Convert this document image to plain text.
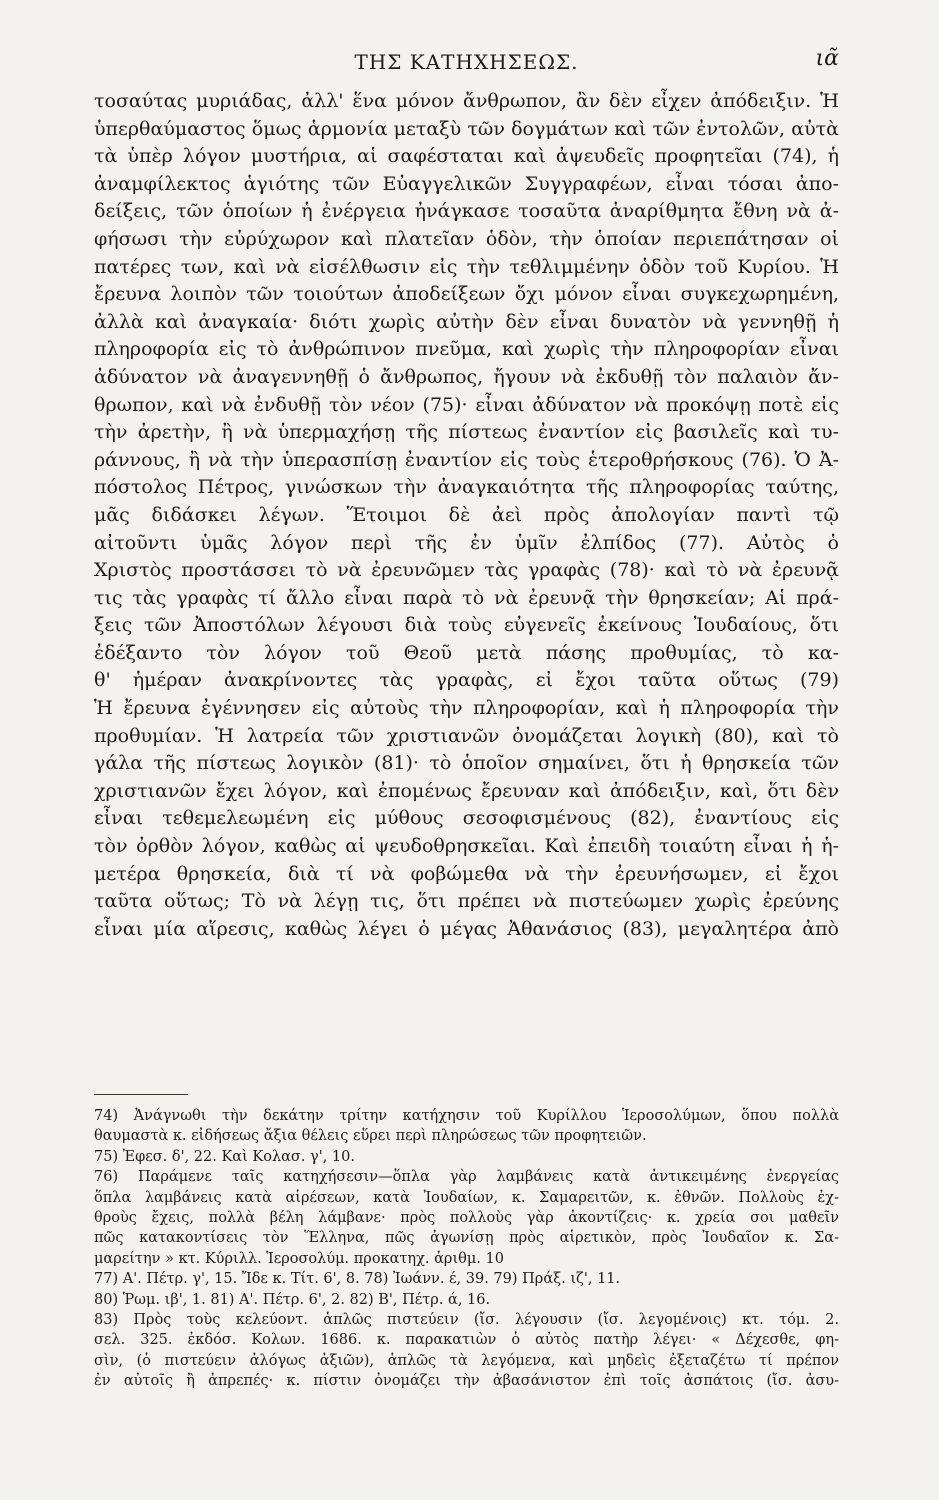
ΤΗΣ ΚΑΤΗΧΗΣΕΩΣ.	ιᾶ
τοσαύτας μυριάδας, ἀλλ' ἕνα μόνον ἄνθρωπον, ἂν δὲν εἶχεν ἀπόδειξιν. Ἡ
ὑπερθαύμαστος ὅμως ἁρμονία μεταξὺ τῶν δογμάτων καὶ τῶν ἐντολῶν, αὐτὰ
τὰ ὑπὲρ λόγον μυστήρια, αἱ σαφέσταται καὶ ἀψευδεῖς προφητεῖαι (74), ἡ
ἀναμφίλεκτος ἁγιότης τῶν Εὐαγγελικῶν Συγγραφέων, εἶναι τόσαι ἀπο-
δείξεις, τῶν ὁποίων ἡ ἐνέργεια ἠνάγκασε τοσαῦτα ἀναρίθμητα ἔθνη νὰ ἀ-
φήσωσι τὴν εὐρύχωρον καὶ πλατεῖαν ὁδὸν, τὴν ὁποίαν περιεπάτησαν οἱ
πατέρες των, καὶ νὰ εἰσέλθωσιν εἰς τὴν τεθλιμμένην ὁδὸν τοῦ Κυρίου. Ἡ
ἔρευνα λοιπὸν τῶν τοιούτων ἀποδείξεων ὄχι μόνον εἶναι συγκεχωρημένη,
ἀλλὰ καὶ ἀναγκαία· διότι χωρὶς αὐτὴν δὲν εἶναι δυνατὸν νὰ γεννηθῇ ἡ
πληροφορία εἰς τὸ ἀνθρώπινον πνεῦμα, καὶ χωρὶς τὴν πληροφορίαν εἶναι
ἀδύνατον νὰ ἀναγεννηθῇ ὁ ἄνθρωπος, ἤγουν νὰ ἐκδυθῇ τὸν παλαιὸν ἄν-
θρωπον, καὶ νὰ ἐνδυθῇ τὸν νέον (75)· εἶναι ἀδύνατον νὰ προκόψῃ ποτὲ εἰς
τὴν ἀρετὴν, ἢ νὰ ὑπερμαχήσῃ τῆς πίστεως ἐναντίον εἰς βασιλεῖς καὶ τυ-
ράννους, ἢ νὰ τὴν ὑπερασπίσῃ ἐναντίον εἰς τοὺς ἑτεροθρήσκους (76). Ὁ Ἀ-
πόστολος Πέτρος, γινώσκων τὴν ἀναγκαιότητα τῆς πληροφορίας ταύτης,
μᾶς διδάσκει λέγων. Ἕτοιμοι δὲ ἀεὶ πρὸς ἀπολογίαν παντὶ τῷ
αἰτοῦντι ὑμᾶς λόγον περὶ τῆς ἐν ὑμῖν ἐλπίδος (77). Αὐτὸς ὁ
Χριστὸς προστάσσει τὸ νὰ ἐρευνῶμεν τὰς γραφὰς (78)· καὶ τὸ νὰ ἐρευνᾷ
τις τὰς γραφὰς τί ἄλλο εἶναι παρὰ τὸ νὰ ἐρευνᾷ τὴν θρησκείαν; Αἱ πρά-
ξεις τῶν Ἀποστόλων λέγουσι διὰ τοὺς εὐγενεῖς ἐκείνους Ἰουδαίους, ὅτι
ἐδέξαντο τὸν λόγον τοῦ Θεοῦ μετὰ πάσης προθυμίας, τὸ κα-
θ' ἡμέραν ἀνακρίνοντες τὰς γραφὰς, εἰ ἔχοι ταῦτα οὕτως (79)
Ἡ ἔρευνα ἐγέννησεν εἰς αὐτοὺς τὴν πληροφορίαν, καὶ ἡ πληροφορία τὴν
προθυμίαν. Ἡ λατρεία τῶν χριστιανῶν ὀνομάζεται λογικὴ (80), καὶ τὸ
γάλα τῆς πίστεως λογικὸν (81)· τὸ ὁποῖον σημαίνει, ὅτι ἡ θρησκεία τῶν
χριστιανῶν ἔχει λόγον, καὶ ἐπομένως ἔρευναν καὶ ἀπόδειξιν, καὶ, ὅτι δὲν
εἶναι τεθεμελεωμένη εἰς μύθους σεσοφισμένους (82), ἐναντίους εἰς
τὸν ὀρθὸν λόγον, καθὼς αἱ ψευδοθρησκεῖαι. Καὶ ἐπειδὴ τοιαύτη εἶναι ἡ ἡ-
μετέρα θρησκεία, διὰ τί νὰ φοβώμεθα νὰ τὴν ἐρευνήσωμεν, εἰ ἔχοι
ταῦτα οὕτως; Τὸ νὰ λέγῃ τις, ὅτι πρέπει νὰ πιστεύωμεν χωρὶς ἐρεύνης
εἶναι μία αἵρεσις, καθὼς λέγει ὁ μέγας Ἀθανάσιος (83), μεγαλητέρα ἀπὸ
74) Ἀνάγνωθι τὴν δεκάτην τρίτην κατήχησιν τοῦ Κυρίλλου Ἱεροσολύμων, ὅπου πολλὰ
θαυμαστὰ κ. εἰδήσεως ἄξια θέλεις εὕρει περὶ πληρώσεως τῶν προφητειῶν.
75) Ἐφεσ. δ', 22. Καὶ Κολασ. γ', 10.
76) Παράμενε ταῖς κατηχήσεσιν—ὅπλα γὰρ λαμβάνεις κατὰ ἀντικειμένης ἐνεργείας
ὅπλα λαμβάνεις κατὰ αἱρέσεων, κατὰ Ἰουδαίων, κ. Σαμαρειτῶν, κ. ἐθνῶν. Πολλοὺς ἐχ-
θροὺς ἔχεις, πολλὰ βέλη λάμβανε· πρὸς πολλοὺς γὰρ ἀκοντίζεις· κ. χρεία σοι μαθεῖν
πῶς κατακοντίσεις τὸν Ἕλληνα, πῶς ἀγωνίσῃ πρὸς αἱρετικὸν, πρὸς Ἰουδαῖον κ. Σα-
μαρείτην » κτ. Κύριλλ. Ἱεροσολύμ. προκατηχ. ἀριθμ. 10
77) Α'. Πέτρ. γ', 15. Ἴδε κ. Τίτ. 6', 8. 78) Ἰωάνν. έ, 39. 79) Πράξ. ιζ', 11.
80) Ῥωμ. ιβ', 1. 81) Α'. Πέτρ. 6', 2. 82) Β', Πέτρ. ά, 16.
83) Πρὸς τοὺς κελεύοντ. ἁπλῶς πιστεύειν (ἴσ. λέγουσιν (ἴσ. λεγομένοις) κτ. τόμ. 2.
σελ. 325. ἐκδόσ. Κολων. 1686. κ. παρακατιὼν ὁ αὐτὸς πατὴρ λέγει· « Δέχεσθε, φη-
σὶν, (ὁ πιστεύειν ἀλόγως ἀξιῶν), ἁπλῶς τὰ λεγόμενα, καὶ μηδεὶς ἐξεταζέτω τί πρέπον
ἐν αὐτοῖς ἢ ἀπρεπές· κ. πίστιν ὀνομάζει τὴν ἀβασάνιστον ἐπὶ τοῖς ἀσπάτοις (ἴσ. ἀσυ-
